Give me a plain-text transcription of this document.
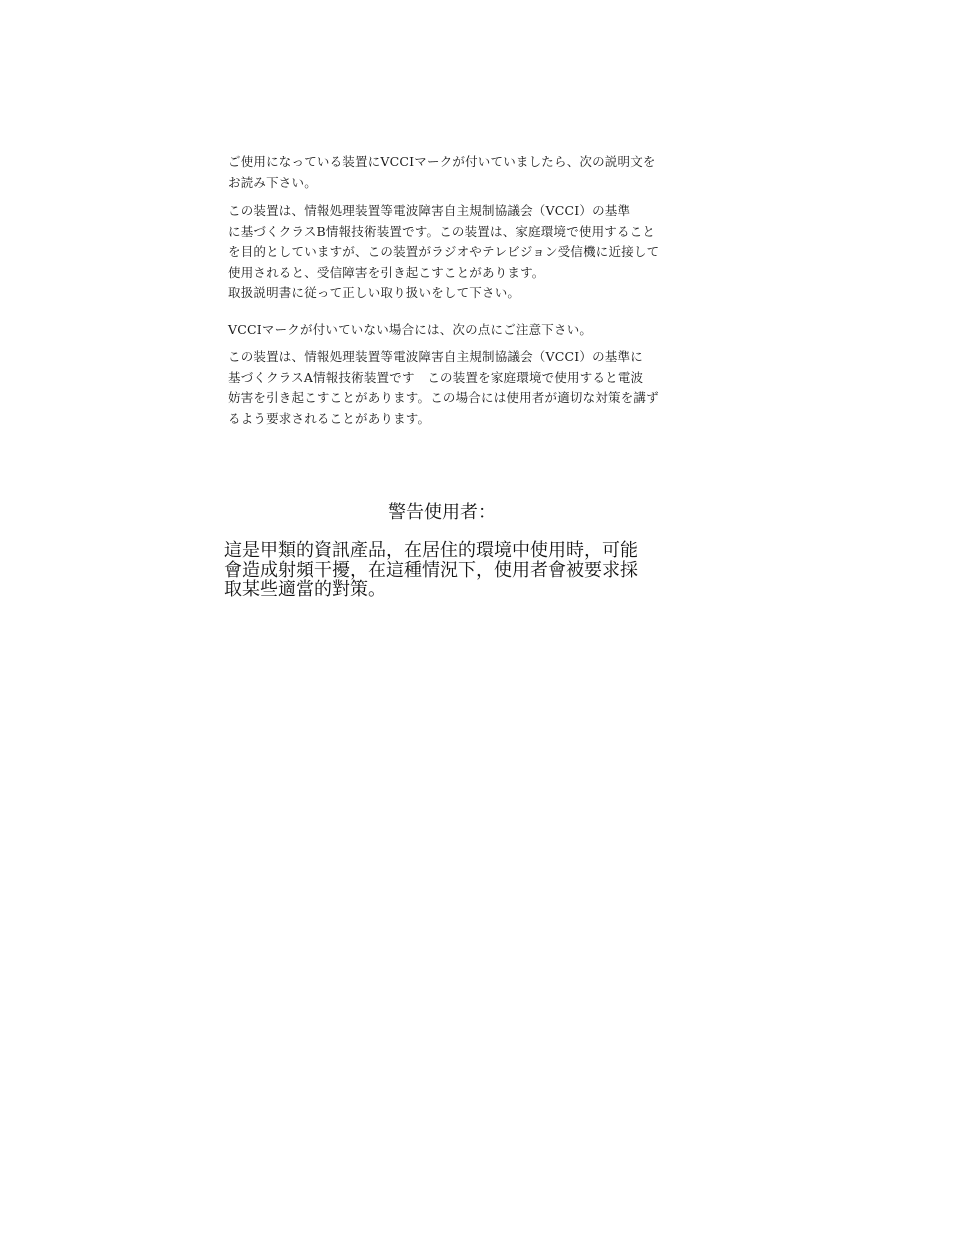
ご使用になっている装置にVCCIマークが付いていましたら、次の説明文を
お読み下さい。
この装置は、情報処理装置等電波障害自主規制協議会（VCCI）の基準
に基づくクラスB情報技術装置です。この装置は、家庭環境で使用すること
を目的としていますが、この装置がラジオやテレビジョン受信機に近接して
使用されると、受信障害を引き起こすことがあります。
取扱説明書に従って正しい取り扱いをして下さい。
VCCIマークが付いていない場合には、次の点にご注意下さい。
この装置は、情報処理装置等電波障害自主規制協議会（VCCI）の基準に
基づくクラスA情報技術装置です　この装置を家庭環境で使用すると電波
妨害を引き起こすことがあります。この場合には使用者が適切な対策を講ず
るよう要求されることがあります。
警告使用者：
這是甲類的資訊產品，在居住的環境中使用時，可能
會造成射頻干擾，在這種情況下，使用者會被要求採
取某些適當的對策。
